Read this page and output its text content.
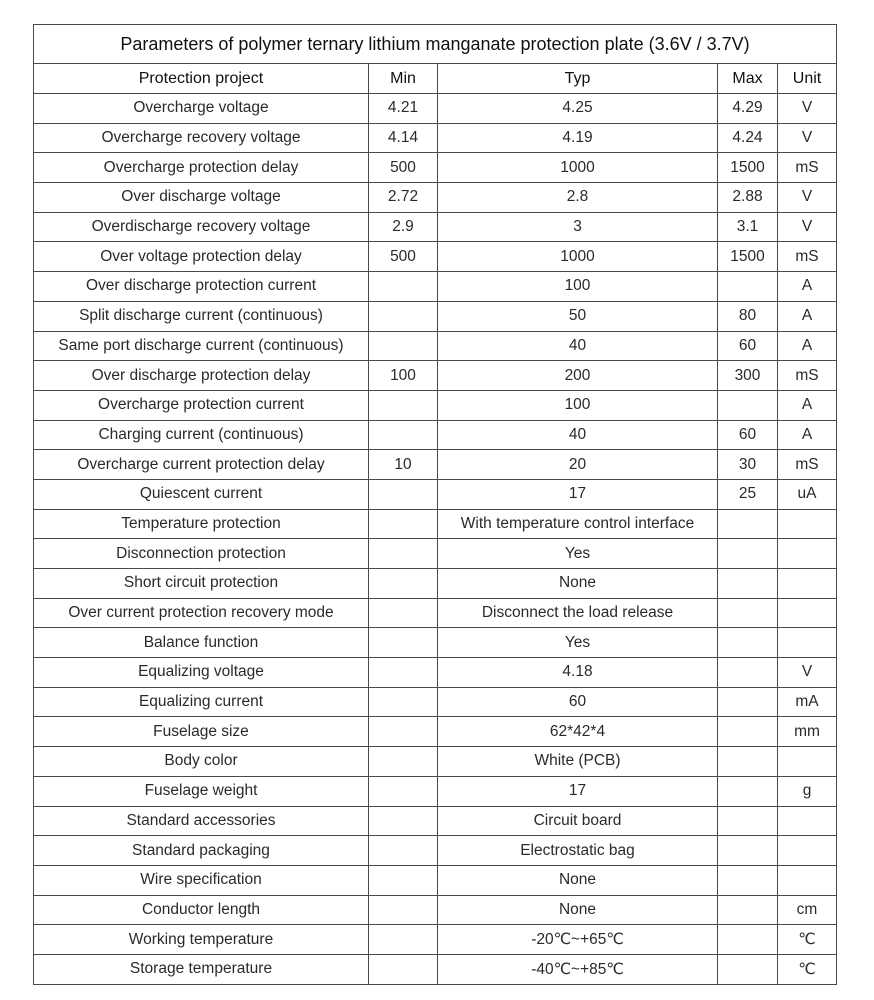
Parameters of polymer ternary lithium manganate protection plate (3.6V / 3.7V)				
Protection project	Min	Typ	Max	Unit
Overcharge voltage	4.21	4.25	4.29	V
Overcharge recovery voltage	4.14	4.19	4.24	V
Overcharge protection delay	500	1000	1500	mS
Over discharge voltage	2.72	2.8	2.88	V
Overdischarge recovery voltage	2.9	3	3.1	V
Over voltage protection delay	500	1000	1500	mS
Over discharge protection current		100		A
Split discharge current (continuous)		50	80	A
Same port discharge current (continuous)		40	60	A
Over discharge protection delay	100	200	300	mS
Overcharge protection current		100		A
Charging current (continuous)		40	60	A
Overcharge current protection delay	10	20	30	mS
Quiescent current		17	25	uA
Temperature protection		With temperature control interface		
Disconnection protection		Yes		
Short circuit protection		None		
Over current protection recovery mode		Disconnect the load release		
Balance function		Yes		
Equalizing voltage		4.18		V
Equalizing current		60		mA
Fuselage size		62*42*4		mm
Body color		White (PCB)		
Fuselage weight		17		g
Standard accessories		Circuit board		
Standard packaging		Electrostatic bag		
Wire specification		None		
Conductor length		None		cm
Working temperature		-20℃~+65℃		℃
Storage temperature		-40℃~+85℃		℃
